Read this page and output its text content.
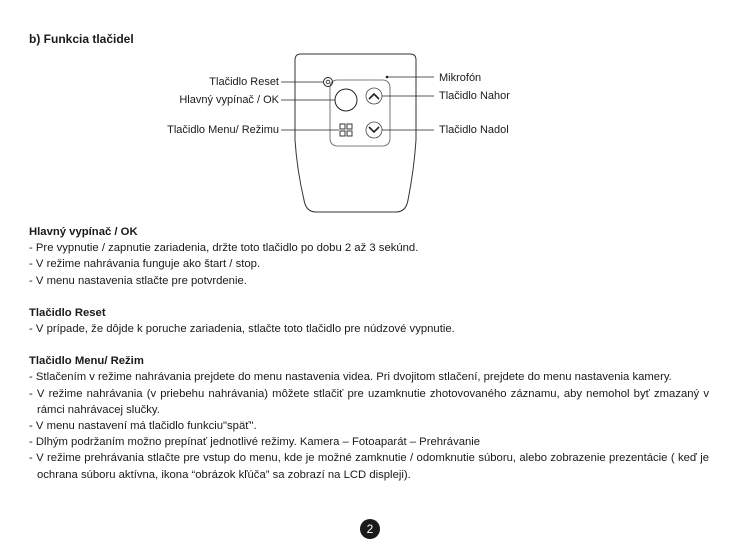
b) Funkcia tlačidel
Tlačidlo Reset
Hlavný vypínač / OK
Tlačidlo Menu/ Režimu
Mikrofón
Tlačidlo Nahor
Tlačidlo Nadol
Hlavný vypínač / OK
- Pre vypnutie / zapnutie zariadenia, držte toto tlačidlo po dobu 2 až 3 sekúnd.
- V režime nahrávania funguje ako štart / stop.
- V menu nastavenia stlačte pre potvrdenie.
Tlačidlo Reset
- V prípade, že dôjde k poruche zariadenia, stlačte toto tlačidlo pre núdzové vypnutie.
Tlačidlo Menu/ Režim
- Stlačením v režime nahrávania prejdete do menu nastavenia videa. Pri dvojitom stlačení, prejdete do menu nastavenia kamery.
- V režime nahrávania (v priebehu nahrávania) môžete stlačiť pre uzamknutie zhotovovaného záznamu, aby nemohol byť zmazaný v rámci nahrávacej slučky.
- V menu nastavení má tlačidlo funkciu"späť".
- Dlhým podržaním možno prepínať jednotlivé režimy. Kamera – Fotoaparát – Prehrávanie
- V režime prehrávania stlačte pre vstup do menu, kde je možné zamknutie / odomknutie súboru, alebo zobrazenie prezentácie ( keď je ochrana súboru aktívna, ikona “obrázok kľúča” sa zobrazí na LCD displeji).
2
